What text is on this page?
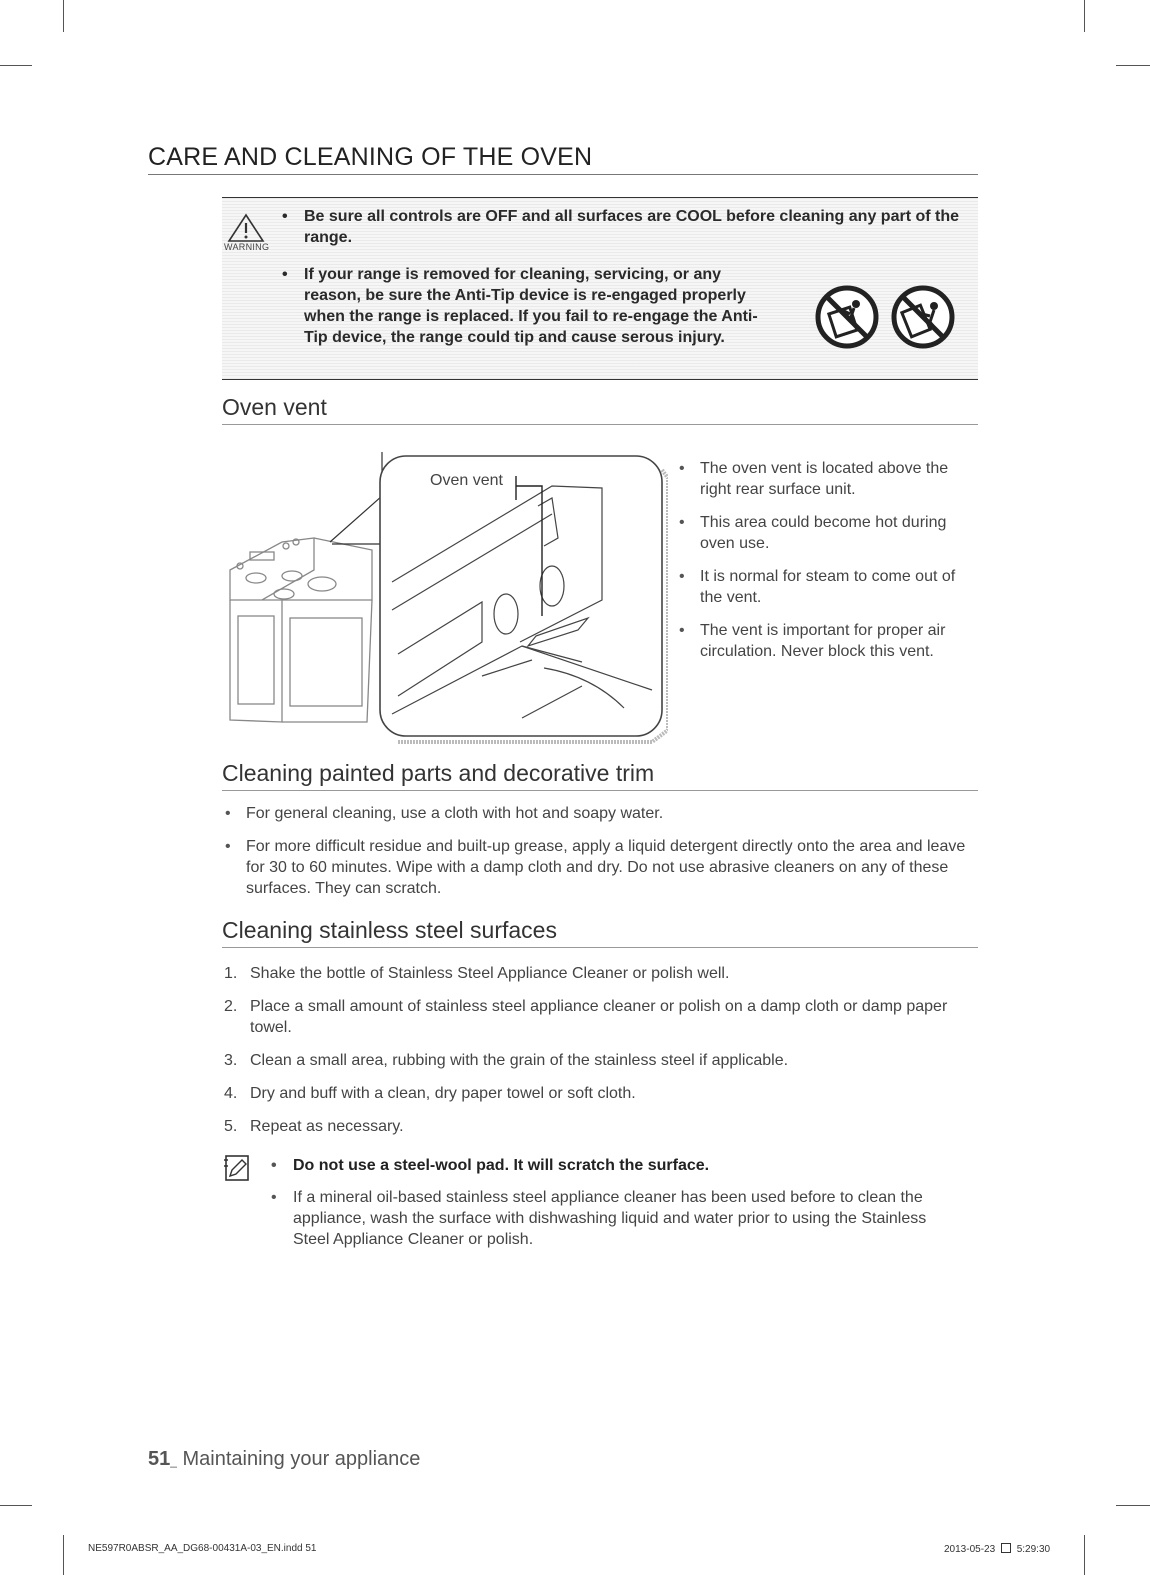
CARE AND CLEANING OF THE OVEN
WARNING
• Be sure all controls are OFF and all surfaces are COOL before cleaning any part of the range.
• If your range is removed for cleaning, servicing, or any reason, be sure the Anti-Tip device is re-engaged properly when the range is replaced. If you fail to re-engage the Anti-Tip device, the range could tip and cause serous injury.
Oven vent
Oven vent
• The oven vent is located above the right rear surface unit.
• This area could become hot during oven use.
• It is normal for steam to come out of the vent.
• The vent is important for proper air circulation. Never block this vent.
Cleaning painted parts and decorative trim
• For general cleaning, use a cloth with hot and soapy water.
• For more difficult residue and built-up grease, apply a liquid detergent directly onto the area and leave for 30 to 60 minutes. Wipe with a damp cloth and dry. Do not use abrasive cleaners on any of these surfaces. They can scratch.
Cleaning stainless steel surfaces
1. Shake the bottle of Stainless Steel Appliance Cleaner or polish well.
2. Place a small amount of stainless steel appliance cleaner or polish on a damp cloth or damp paper towel.
3. Clean a small area, rubbing with the grain of the stainless steel if applicable.
4. Dry and buff with a clean, dry paper towel or soft cloth.
5. Repeat as necessary.
• Do not use a steel-wool pad. It will scratch the surface.
• If a mineral oil-based stainless steel appliance cleaner has been used before to clean the appliance, wash the surface with dishwashing liquid and water prior to using the Stainless Steel Appliance Cleaner or polish.
51_ Maintaining your appliance
NE597R0ABSR_AA_DG68-00431A-03_EN.indd 51	2013-05-23  5:29:30
